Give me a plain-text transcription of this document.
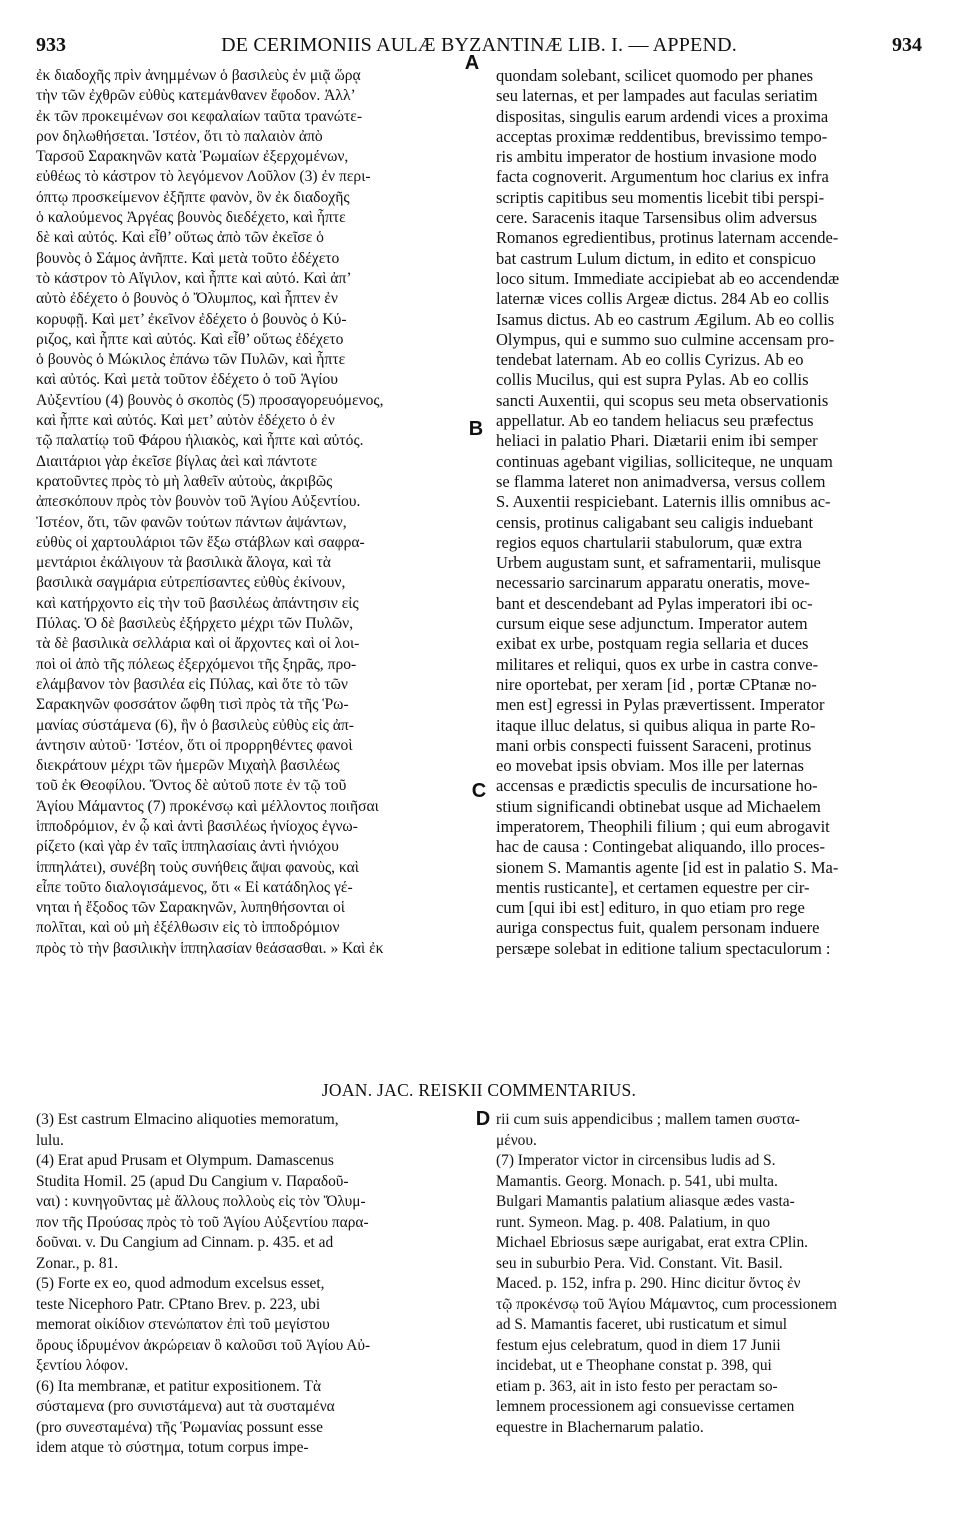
933	DE CERIMONIIS AULÆ BYZANTINÆ LIB. I. — APPEND.	934
ἐκ διαδοχῆς πρὶν ἀνημμένων ὁ βασιλεὺς ἐν μιᾷ ὥρᾳ
τὴν τῶν ἐχθρῶν εὐθὺς κατεμάνθανεν ἔφοδον. Ἀλλ’
ἐκ τῶν προκειμένων σοι κεφαλαίων ταῦτα τρανώτε-
ρον δηλωθήσεται. Ἰστέον, ὅτι τὸ παλαιὸν ἀπὸ
Ταρσοῦ Σαρακηνῶν κατὰ Ῥωμαίων ἐξερχομένων,
εὐθέως τὸ κάστρον τὸ λεγόμενον Λοῦλον (3) ἐν περι-
όπτῳ προσκείμενον ἐξῆπτε φανὸν, ὃν ἐκ διαδοχῆς
ὁ καλούμενος Ἀργέας βουνὸς διεδέχετο, καὶ ἧπτε
δὲ καὶ αὐτός. Καὶ εἶθ’ οὕτως ἀπὸ τῶν ἐκεῖσε ὁ
βουνὸς ὁ Σάμος ἀνῆπτε. Καὶ μετὰ τοῦτο ἐδέχετο
τὸ κάστρον τὸ Αἴγιλον, καὶ ἧπτε καὶ αὐτό. Καὶ ἀπ’
αὐτὸ ἐδέχετο ὁ βουνὸς ὁ Ὄλυμπος, καὶ ἧπτεν ἐν
κορυφῇ. Καὶ μετ’ ἐκεῖνον ἐδέχετο ὁ βουνὸς ὁ Κύ-
ριζος, καὶ ἧπτε καὶ αὐτός. Καὶ εἶθ’ οὕτως ἐδέχετο
ὁ βουνὸς ὁ Μώκιλος ἐπάνω τῶν Πυλῶν, καὶ ἧπτε
καὶ αὐτός. Καὶ μετὰ τοῦτον ἐδέχετο ὁ τοῦ Ἁγίου
Αὐξεντίου (4) βουνὸς ὁ σκοπὸς (5) προσαγορευόμενος,
καὶ ἧπτε καὶ αὐτός. Καὶ μετ’ αὐτὸν ἐδέχετο ὁ ἐν
τῷ παλατίῳ τοῦ Φάρου ἡλιακὸς, καὶ ἧπτε καὶ αὐτός.
Διαιτάριοι γὰρ ἐκεῖσε βίγλας ἀεὶ καὶ πάντοτε
κρατοῦντες πρὸς τὸ μὴ λαθεῖν αὐτοὺς, ἀκριβῶς
ἀπεσκόπουν πρὸς τὸν βουνὸν τοῦ Ἁγίου Αὐξεντίου.
Ἰστέον, ὅτι, τῶν φανῶν τούτων πάντων ἀψάντων,
εὐθὺς οἱ χαρτουλάριοι τῶν ἔξω στάβλων καὶ σαφρα-
μεντάριοι ἐκάλιγουν τὰ βασιλικὰ ἄλογα, καὶ τὰ
βασιλικὰ σαγμάρια εὐτρεπίσαντες εὐθὺς ἐκίνουν,
καὶ κατήρχοντο εἰς τὴν τοῦ βασιλέως ἀπάντησιν εἰς
Πύλας. Ὁ δὲ βασιλεὺς ἐξήρχετο μέχρι τῶν Πυλῶν,
τὰ δὲ βασιλικὰ σελλάρια καὶ οἱ ἄρχοντες καὶ οἱ λοι-
ποὶ οἱ ἀπὸ τῆς πόλεως ἐξερχόμενοι τῆς ξηρᾶς, προ-
ελάμβανον τὸν βασιλέα εἰς Πύλας, καὶ ὅτε τὸ τῶν
Σαρακηνῶν φοσσάτον ὤφθη τισὶ πρὸς τὰ τῆς Ῥω-
μανίας σύστάμενα (6), ἣν ὁ βασιλεὺς εὐθὺς εἰς ἀπ-
άντησιν αὐτοῦ· Ἰστέον, ὅτι οἱ προρρηθέντες φανοὶ
διεκράτουν μέχρι τῶν ἡμερῶν Μιχαὴλ βασιλέως
τοῦ ἐκ Θεοφίλου. Ὄντος δὲ αὐτοῦ ποτε ἐν τῷ τοῦ
Ἁγίου Μάμαντος (7) προκένσῳ καὶ μέλλοντος ποιῆσαι
ἱπποδρόμιον, ἐν ᾧ καὶ ἀντὶ βασιλέως ἡνίοχος ἐγνω-
ρίζετο (καὶ γὰρ ἐν ταῖς ἱππηλασίαις ἀντὶ ἡνιόχου
ἱππηλάτει), συνέβη τοὺς συνήθεις ἅψαι φανοὺς, καὶ
εἶπε τοῦτο διαλογισάμενος, ὅτι « Εἰ κατάδηλος γέ-
νηται ἡ ἔξοδος τῶν Σαρακηνῶν, λυπηθήσονται οἱ
πολῖται, καὶ οὐ μὴ ἐξέλθωσιν εἰς τὸ ἱπποδρόμιον
πρὸς τὸ τὴν βασιλικὴν ἱππηλασίαν θεάσασθαι. » Καὶ ἐκ
quondam solebant, scilicet quomodo per phanes
seu laternas, et per lampades aut faculas seriatim
dispositas, singulis earum ardendi vices a proxima
acceptas proximæ reddentibus, brevissimo tempo-
ris ambitu imperator de hostium invasione modo
facta cognoverit. Argumentum hoc clarius ex infra
scriptis capitibus seu momentis licebit tibi perspi-
cere. Saracenis itaque Tarsensibus olim adversus
Romanos egredientibus, protinus laternam accende-
bat castrum Lulum dictum, in edito et conspicuo
loco situm. Immediate accipiebat ab eo accendendæ
laternæ vices collis Argeæ dictus. 284 Ab eo collis
Isamus dictus. Ab eo castrum Ægilum. Ab eo collis
Olympus, qui e summo suo culmine accensam pro-
tendebat laternam. Ab eo collis Cyrizus. Ab eo
collis Mucilus, qui est supra Pylas. Ab eo collis
sancti Auxentii, qui scopus seu meta observationis
appellatur. Ab eo tandem heliacus seu præfectus
heliaci in palatio Phari. Diætarii enim ibi semper
continuas agebant vigilias, solliciteque, ne unquam
se flamma lateret non animadversa, versus collem
S. Auxentii respiciebant. Laternis illis omnibus ac-
censis, protinus caligabant seu caligis induebant
regios equos chartularii stabulorum, quæ extra
Urbem augustam sunt, et saframentarii, mulisque
necessario sarcinarum apparatu oneratis, move-
bant et descendebant ad Pylas imperatori ibi oc-
cursum eique sese adjunctum. Imperator autem
exibat ex urbe, postquam regia sellaria et duces
militares et reliqui, quos ex urbe in castra conve-
nire oportebat, per xeram [id , portæ CPtanæ no-
men est] egressi in Pylas prævertissent. Imperator
itaque illuc delatus, si quibus aliqua in parte Ro-
mani orbis conspecti fuissent Saraceni, protinus
eo movebat ipsis obviam. Mos ille per laternas
accensas e prædictis speculis de incursatione ho-
stium significandi obtinebat usque ad Michaelem
imperatorem, Theophili filium ; qui eum abrogavit
hac de causa : Contingebat aliquando, illo proces-
sionem S. Mamantis agente [id est in palatio S. Ma-
mentis rusticante], et certamen equestre per cir-
cum [qui ibi est] edituro, in quo etiam pro rege
auriga conspectus fuit, qualem personam induere
persæpe solebat in editione talium spectaculorum :
A
B
C
D
JOAN. JAC. REISKII COMMENTARIUS.
(3) Est castrum Elmacino aliquoties memoratum,
lulu.
(4) Erat apud Prusam et Olympum. Damascenus
Studita Homil. 25 (apud Du Cangium v. Παραδοῦ-
ναι) : κυνηγοῦντας μὲ ἄλλους πολλοὺς εἰς τὸν Ὄλυμ-
πον τῆς Προύσας πρὸς τὸ τοῦ Ἁγίου Αὐξεντίου παρα-
δοῦναι. v. Du Cangium ad Cinnam. p. 435. et ad
Zonar., p. 81.
(5) Forte ex eo, quod admodum excelsus esset,
teste Nicephoro Patr. CPtano Brev. p. 223, ubi
memorat οἰκίδιον στενώπατον ἐπὶ τοῦ μεγίστου
ὄρους ἱδρυμένον ἀκρώρειαν ὃ καλοῦσι τοῦ Ἁγίου Αὐ-
ξεντίου λόφον.
(6) Ita membranæ, et patitur expositionem. Τὰ
σύσταμενα (pro συνιστάμενα) aut τὰ συσταμένα
(pro συνεσταμένα) τῆς Ῥωμανίας possunt esse
idem atque τὸ σύστημα, totum corpus impe-
rii cum suis appendicibus ; mallem tamen συστα-
μένου.
(7) Imperator victor in circensibus ludis ad S.
Mamantis. Georg. Monach. p. 541, ubi multa.
Bulgari Mamantis palatium aliasque ædes vasta-
runt. Symeon. Mag. p. 408. Palatium, in quo
Michael Ebriosus sæpe aurigabat, erat extra CPlin.
seu in suburbio Pera. Vid. Constant. Vit. Basil.
Maced. p. 152, infra p. 290. Hinc dicitur ὄντος ἐν
τῷ προκένσῳ τοῦ Ἁγίου Μάμαντος, cum processionem
ad S. Mamantis faceret, ubi rusticatum et simul
festum ejus celebratum, quod in diem 17 Junii
incidebat, ut e Theophane constat p. 398, qui
etiam p. 363, ait in isto festo per peractam so-
lemnem processionem agi consuevisse certamen
equestre in Blachernarum palatio.
